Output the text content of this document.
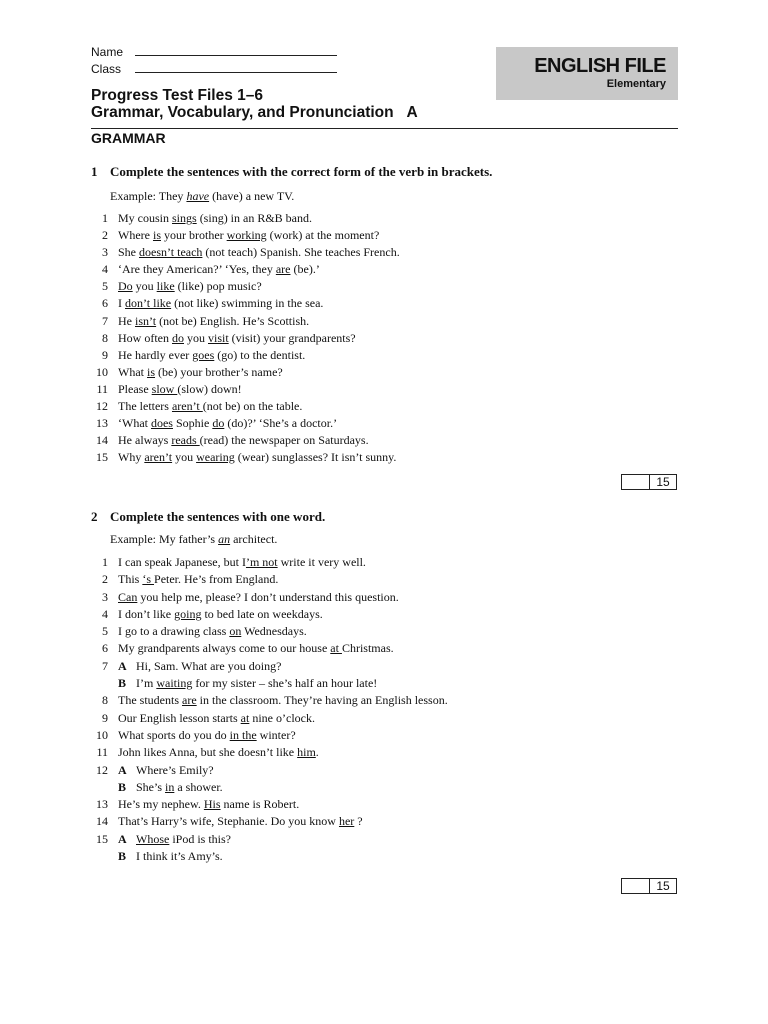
Name
Class	ENGLISH FILE
Elementary
Progress Test Files 1–6
Grammar, Vocabulary, and Pronunciation A
GRAMMAR
1 Complete the sentences with the correct form of the verb in brackets.
Example: They have (have) a new TV.
1 My cousin sings (sing) in an R&B band.
2 Where is your brother working (work) at the moment?
3 She doesn’t teach (not teach) Spanish. She teaches French.
4 ‘Are they American?’ ‘Yes, they are (be).’
5 Do you like (like) pop music?
6 I don’t like (not like) swimming in the sea.
7 He isn’t (not be) English. He’s Scottish.
8 How often do you visit (visit) your grandparents?
9 He hardly ever goes (go) to the dentist.
10 What is (be) your brother’s name?
11 Please slow (slow) down!
12 The letters aren’t (not be) on the table.
13 ‘What does Sophie do (do)?’ ‘She’s a doctor.’
14 He always reads (read) the newspaper on Saturdays.
15 Why aren’t you wearing (wear) sunglasses? It isn’t sunny.
15
2 Complete the sentences with one word.
Example: My father’s an architect.
1 I can speak Japanese, but I’m not write it very well.
2 This ‘s Peter. He’s from England.
3 Can you help me, please? I don’t understand this question.
4 I don’t like going to bed late on weekdays.
5 I go to a drawing class on Wednesdays.
6 My grandparents always come to our house at Christmas.
7 A Hi, Sam. What are you doing?
B I’m waiting for my sister – she’s half an hour late!
8 The students are in the classroom. They’re having an English lesson.
9 Our English lesson starts at nine o’clock.
10 What sports do you do in the winter?
11 John likes Anna, but she doesn’t like him.
12 A Where’s Emily?
B She’s in a shower.
13 He’s my nephew. His name is Robert.
14 That’s Harry’s wife, Stephanie. Do you know her ?
15 A Whose iPod is this?
B I think it’s Amy’s.
15
